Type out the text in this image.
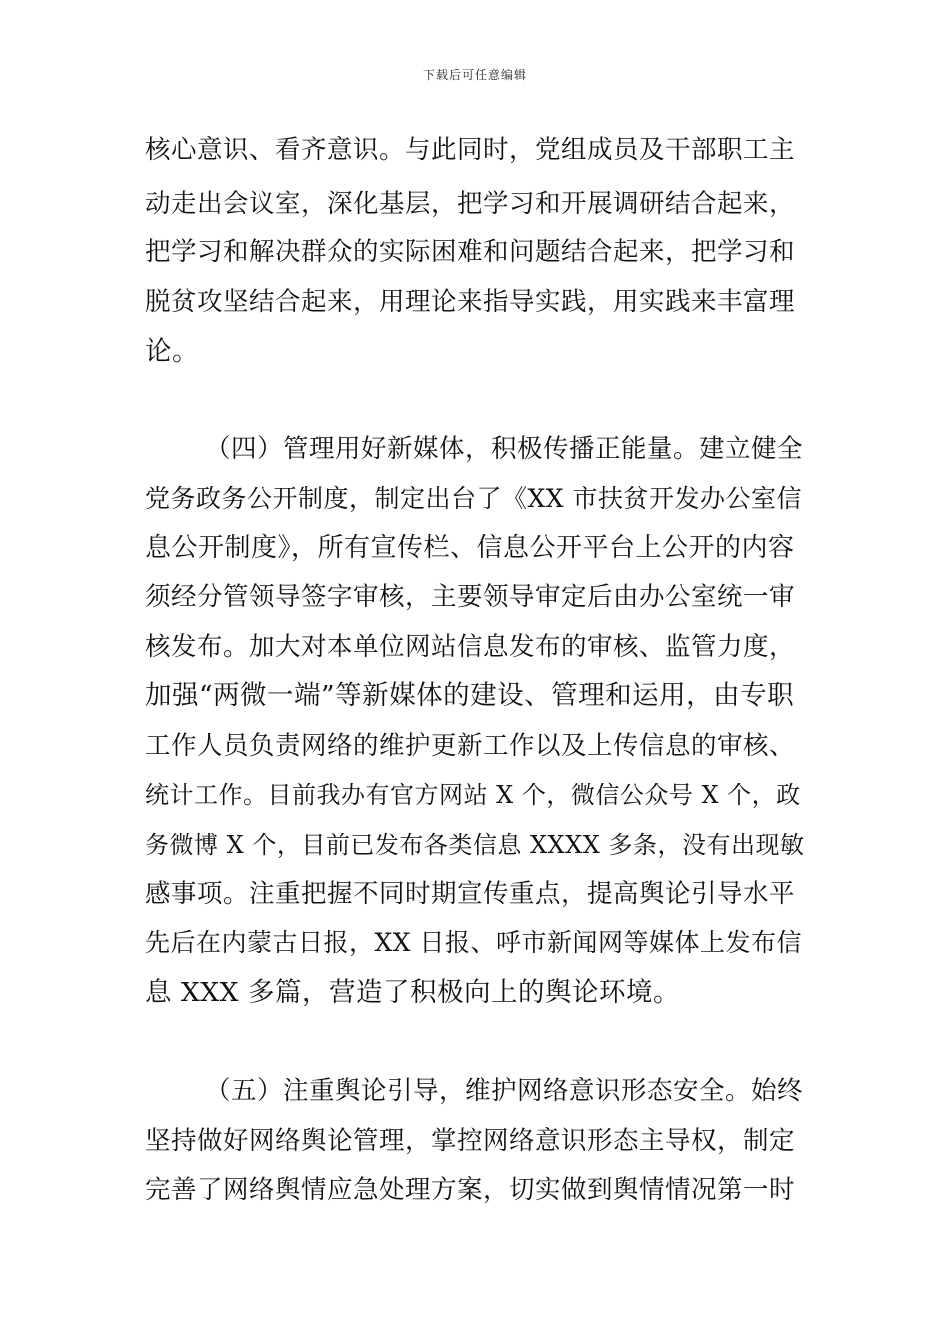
下载后可任意编辑
核心意识、看齐意识。与此同时，党组成员及干部职工主
动走出会议室，深化基层，把学习和开展调研结合起来，
把学习和解决群众的实际困难和问题结合起来，把学习和
脱贫攻坚结合起来，用理论来指导实践，用实践来丰富理
论。
（四）管理用好新媒体，积极传播正能量。建立健全
党务政务公开制度，制定出台了《XX 市扶贫开发办公室信
息公开制度》，所有宣传栏、信息公开平台上公开的内容
须经分管领导签字审核，主要领导审定后由办公室统一审
核发布。加大对本单位网站信息发布的审核、监管力度，
加强“两微一端”等新媒体的建设、管理和运用，由专职
工作人员负责网络的维护更新工作以及上传信息的审核、
统计工作。目前我办有官方网站 X 个，微信公众号 X 个，政
务微博 X 个，目前已发布各类信息 XXXX 多条，没有出现敏
感事项。注重把握不同时期宣传重点，提高舆论引导水平
先后在内蒙古日报，XX 日报、呼市新闻网等媒体上发布信
息 XXX 多篇，营造了积极向上的舆论环境。
（五）注重舆论引导，维护网络意识形态安全。始终
坚持做好网络舆论管理，掌控网络意识形态主导权，制定
完善了网络舆情应急处理方案，切实做到舆情情况第一时
